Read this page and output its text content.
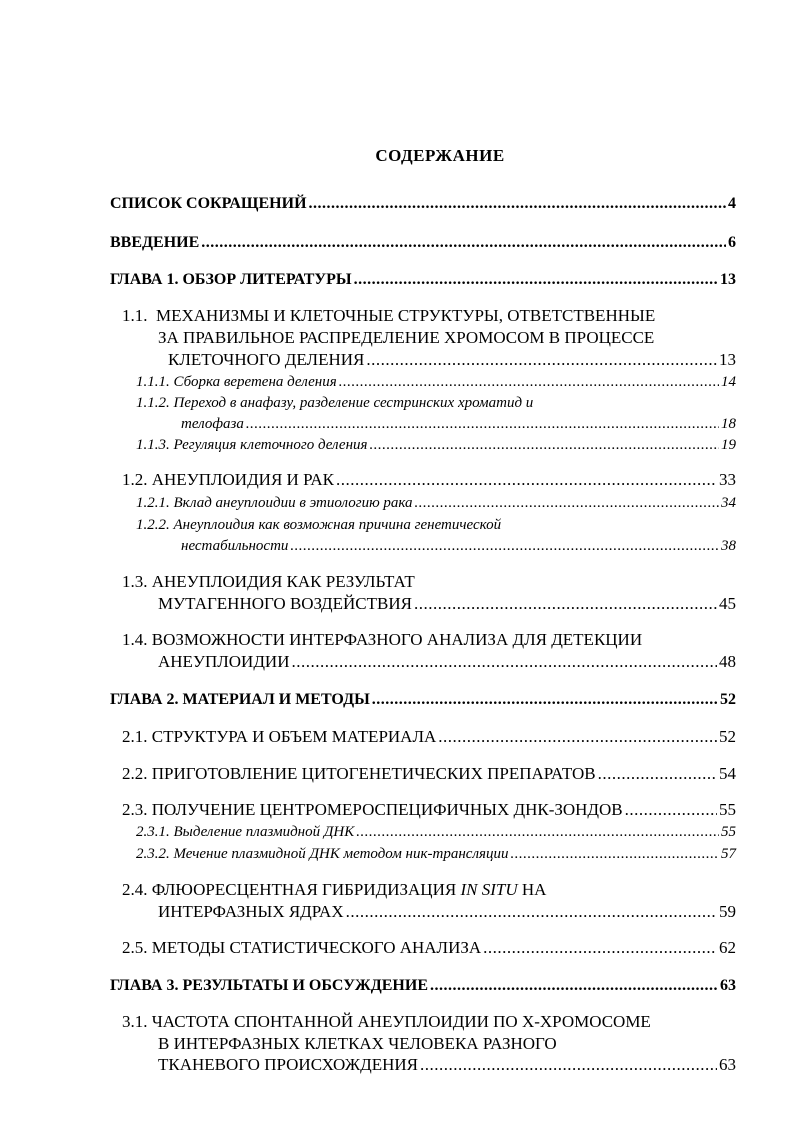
СОДЕРЖАНИЕ
СПИСОК СОКРАЩЕНИЙ .....	4
ВВЕДЕНИЕ .....	6
ГЛАВА 1. ОБЗОР ЛИТЕРАТУРЫ .....	13
1.1. МЕХАНИЗМЫ И КЛЕТОЧНЫЕ СТРУКТУРЫ, ОТВЕТСТВЕННЫЕ
ЗА ПРАВИЛЬНОЕ РАСПРЕДЕЛЕНИЕ ХРОМОСОМ В ПРОЦЕССЕ
КЛЕТОЧНОГО ДЕЛЕНИЯ .....	13
1.1.1. Сборка веретена деления .....	14
1.1.2. Переход в анафазу, разделение сестринских хроматид и
телофаза .....	18
1.1.3. Регуляция клеточного деления .....	19
1.2. АНЕУПЛОИДИЯ И РАК .....	33
1.2.1. Вклад анеуплоидии в этиологию рака .....	34
1.2.2. Анеуплоидия как возможная причина генетической
нестабильности .....	38
1.3. АНЕУПЛОИДИЯ КАК РЕЗУЛЬТАТ
МУТАГЕННОГО ВОЗДЕЙСТВИЯ .....	45
1.4. ВОЗМОЖНОСТИ ИНТЕРФАЗНОГО АНАЛИЗА ДЛЯ ДЕТЕКЦИИ
АНЕУПЛОИДИИ .....	48
ГЛАВА 2. МАТЕРИАЛ И МЕТОДЫ .....	52
2.1. СТРУКТУРА И ОБЪЕМ МАТЕРИАЛА .....	52
2.2. ПРИГОТОВЛЕНИЕ ЦИТОГЕНЕТИЧЕСКИХ ПРЕПАРАТОВ .....	54
2.3. ПОЛУЧЕНИЕ ЦЕНТРОМЕРОСПЕЦИФИЧНЫХ ДНК-ЗОНДОВ .....	55
2.3.1. Выделение плазмидной ДНК .....	55
2.3.2. Мечение плазмидной ДНК методом ник-трансляции .....	57
2.4. ФЛЮОРЕСЦЕНТНАЯ ГИБРИДИЗАЦИЯ IN SITU НА
ИНТЕРФАЗНЫХ ЯДРАХ .....	59
2.5. МЕТОДЫ СТАТИСТИЧЕСКОГО АНАЛИЗА .....	62
ГЛАВА 3. РЕЗУЛЬТАТЫ И ОБСУЖДЕНИЕ .....	63
3.1. ЧАСТОТА СПОНТАННОЙ АНЕУПЛОИДИИ ПО Х-ХРОМОСОМЕ
В ИНТЕРФАЗНЫХ КЛЕТКАХ ЧЕЛОВЕКА РАЗНОГО
ТКАНЕВОГО ПРОИСХОЖДЕНИЯ .....	63
